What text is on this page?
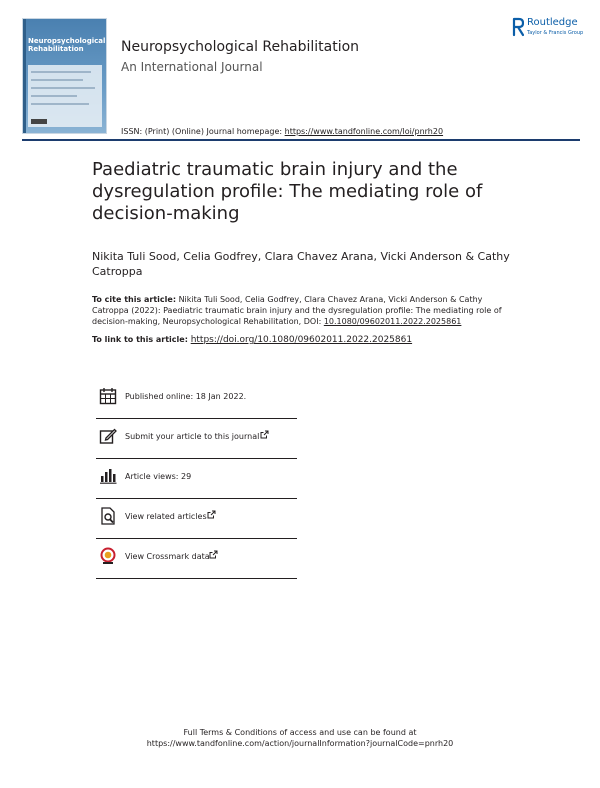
Neuropsychological Rehabilitation	Neuropsychological Rehabilitation
An International Journal
ISSN: (Print) (Online) Journal homepage: https://www.tandfonline.com/loi/pnrh20
Routledge
Taylor & Francis Group
Paediatric traumatic brain injury and the dysregulation profile: The mediating role of decision-making
Nikita Tuli Sood, Celia Godfrey, Clara Chavez Arana, Vicki Anderson & Cathy Catroppa
To cite this article: Nikita Tuli Sood, Celia Godfrey, Clara Chavez Arana, Vicki Anderson & Cathy Catroppa (2022): Paediatric traumatic brain injury and the dysregulation profile: The mediating role of decision-making, Neuropsychological Rehabilitation, DOI: 10.1080/09602011.2022.2025861
To link to this article: https://doi.org/10.1080/09602011.2022.2025861
Published online: 18 Jan 2022.
Submit your article to this journal
Article views: 29
View related articles
View Crossmark data
Full Terms & Conditions of access and use can be found at
https://www.tandfonline.com/action/journalInformation?journalCode=pnrh20
